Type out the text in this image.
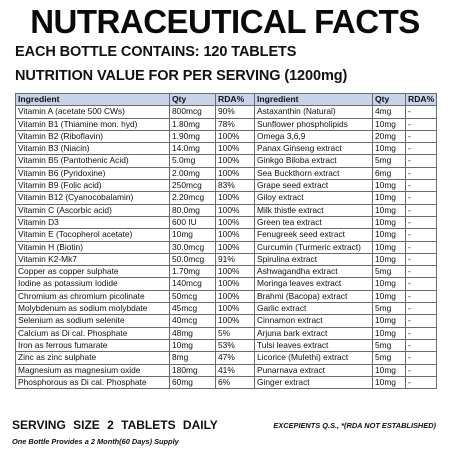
NUTRACEUTICAL FACTS
EACH BOTTLE CONTAINS: 120 TABLETS
NUTRITION VALUE FOR PER SERVING (1200mg)
Ingredient	Qty	RDA%	Ingredient	Qty	RDA%
Vitamin A (acetate 500 CWs)	800mcg	90%	Astaxanthin (Natural)	4mg	-
Vitamin B1 (Thiamine mon. hyd)	1.80mg	78%	Sunflower phospholipids	10mg	-
Vitamin B2 (Riboflavin)	1.90mg	100%	Omega 3,6,9	20mg	-
Vitamin B3 (Niacin)	14.0mg	100%	Panax Ginseng extract	10mg	-
Vitamin B5 (Pantothenic Acid)	5.0mg	100%	Ginkgo Biloba extract	5mg	-
Vitamin B6 (Pyridoxine)	2.00mg	100%	Sea Buckthorn extract	6mg	-
Vitamin B9 (Folic acid)	250mcg	83%	Grape seed extract	10mg	-
Vitamin B12 (Cyanocobalamin)	2.20mcg	100%	Giloy extract	10mg	-
Vitamin C (Ascorbic acid)	80.0mg	100%	Milk thistle extract	10mg	-
Vitamin D3	600 IU	100%	Green tea extract	10mg	-
Vitamin E (Tocopherol acetate)	10mg	100%	Fenugreek seed extract	10mg	-
Vitamin H (Biotin)	30.0mcg	100%	Curcumin (Turmeric extract)	10mg	-
Vitamin K2-Mk7	50.0mcg	91%	Spirulina extract	10mg	-
Copper as copper sulphate	1.70mg	100%	Ashwagandha extract	5mg	-
Iodine as potassium Iodide	140mcg	100%	Moringa leaves extract	10mg	-
Chromium as chromium picolinate	50mcg	100%	Brahmi (Bacopa) extract	10mg	-
Molybdenum as sodium molybdate	45mcg	100%	Garlic extract	5mg	-
Selenium as sodium selenite	40mcg	100%	Cinnamon extract	10mg	-
Calcium as Di cal. Phosphate	48mg	5%	Arjuna bark extract	10mg	-
Iron as ferrous fumarate	10mg	53%	Tulsi leaves extract	5mg	-
Zinc as zinc sulphate	8mg	47%	Licorice (Mulethi) extract	5mg	-
Magnesium as magnesium oxide	180mg	41%	Punarnava extract	10mg	-
Phosphorous as Di cal. Phosphate	60mg	6%	Ginger extract	10mg	-
SERVING SIZE 2 TABLETS DAILY	EXCEPIENTS Q.S., *(RDA NOT ESTABLISHED)
One Bottle Provides a 2 Month(60 Days) Supply
